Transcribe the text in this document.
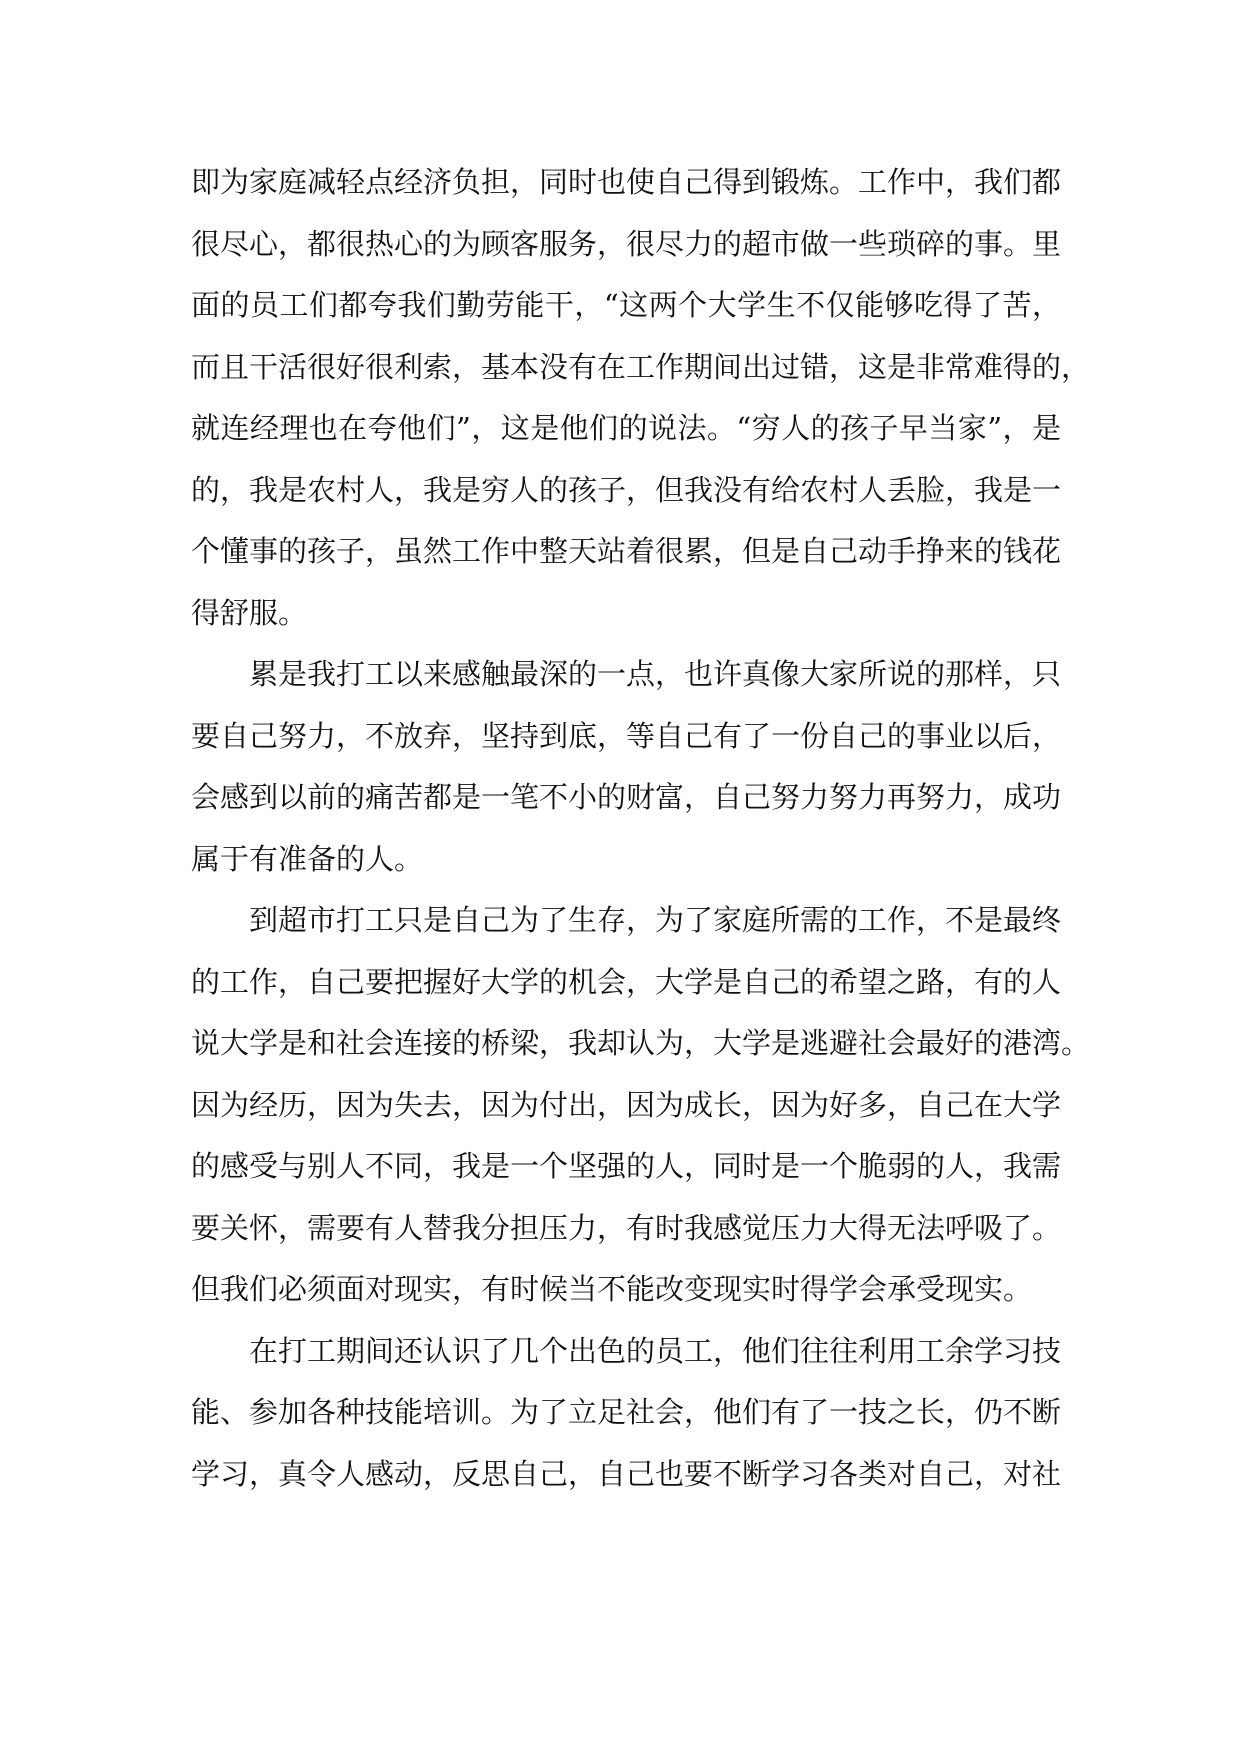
即为家庭减轻点经济负担，同时也使自己得到锻炼。工作中，我们都
很尽心，都很热心的为顾客服务，很尽力的超市做一些琐碎的事。里
面的员工们都夸我们勤劳能干，“这两个大学生不仅能够吃得了苦，
而且干活很好很利索，基本没有在工作期间出过错，这是非常难得的，
就连经理也在夸他们”，这是他们的说法。“穷人的孩子早当家”，是
的，我是农村人，我是穷人的孩子，但我没有给农村人丢脸，我是一
个懂事的孩子，虽然工作中整天站着很累，但是自己动手挣来的钱花
得舒服。
累是我打工以来感触最深的一点，也许真像大家所说的那样，只
要自己努力，不放弃，坚持到底，等自己有了一份自己的事业以后，
会感到以前的痛苦都是一笔不小的财富，自己努力努力再努力，成功
属于有准备的人。
到超市打工只是自己为了生存，为了家庭所需的工作，不是最终
的工作，自己要把握好大学的机会，大学是自己的希望之路，有的人
说大学是和社会连接的桥梁，我却认为，大学是逃避社会最好的港湾。
因为经历，因为失去，因为付出，因为成长，因为好多，自己在大学
的感受与别人不同，我是一个坚强的人，同时是一个脆弱的人，我需
要关怀，需要有人替我分担压力，有时我感觉压力大得无法呼吸了。
但我们必须面对现实，有时候当不能改变现实时得学会承受现实。
在打工期间还认识了几个出色的员工，他们往往利用工余学习技
能、参加各种技能培训。为了立足社会，他们有了一技之长，仍不断
学习，真令人感动，反思自己，自己也要不断学习各类对自己，对社
